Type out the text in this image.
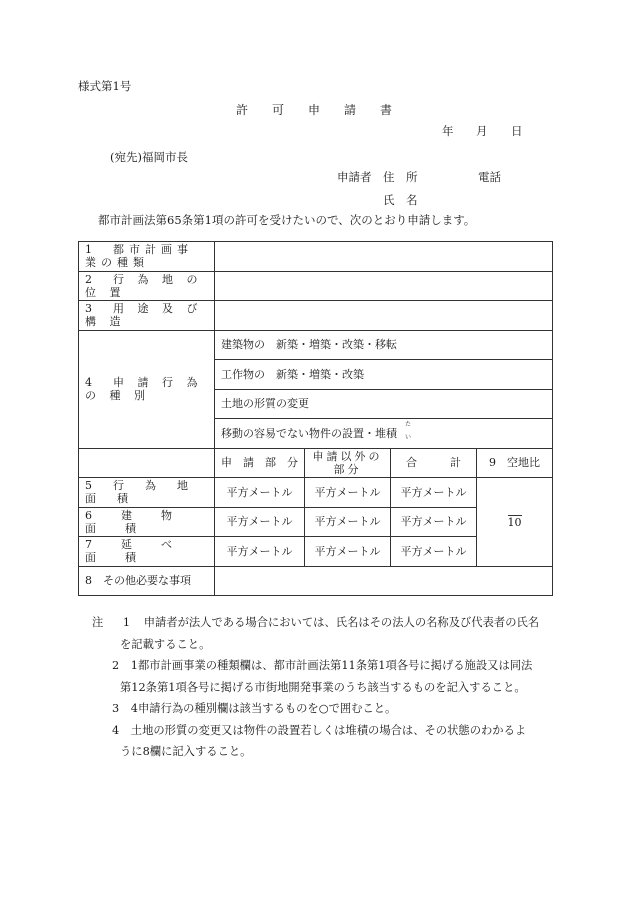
様式第1号
許可申請書
年 月 日
(宛先)福岡市長
申請者 住　所	電話
氏　名
都市計画法第65条第1項の許可を受けたいので、次のとおり申請します。
1　都市計画事業の種類				
2　行 為 地 の 位 置				
3　用 途 及 び 構 造				
4　申 請 行 為 の 種 別	建築物の　新築・増築・改築・移転			
	工作物の　新築・増築・改築			
	土地の形質の変更			
	移動の容易でない物件の設置・堆積
たい			

	申　請　部　分	申請以外の部分	合　　　計	9　空地比
5　行　為　地　面　積	平方メートル	平方メートル	平方メートル	10
6　建　物　面　積	平方メートル	平方メートル	平方メートル	
7　延　べ　面　積	平方メートル	平方メートル	平方メートル	
8　その他必要な事項				
注 1 申請者が法人である場合においては、氏名はその法人の名称及び代表者の氏名
を記載すること。
2 1都市計画事業の種類欄は、都市計画法第11条第1項各号に掲げる施設又は同法
第12条第1項各号に掲げる市街地開発事業のうち該当するものを記入すること。
3 4申請行為の種別欄は該当するものを○で囲むこと。
4 土地の形質の変更又は物件の設置若しくは堆積の場合は、その状態のわかるよ
うに8欄に記入すること。
